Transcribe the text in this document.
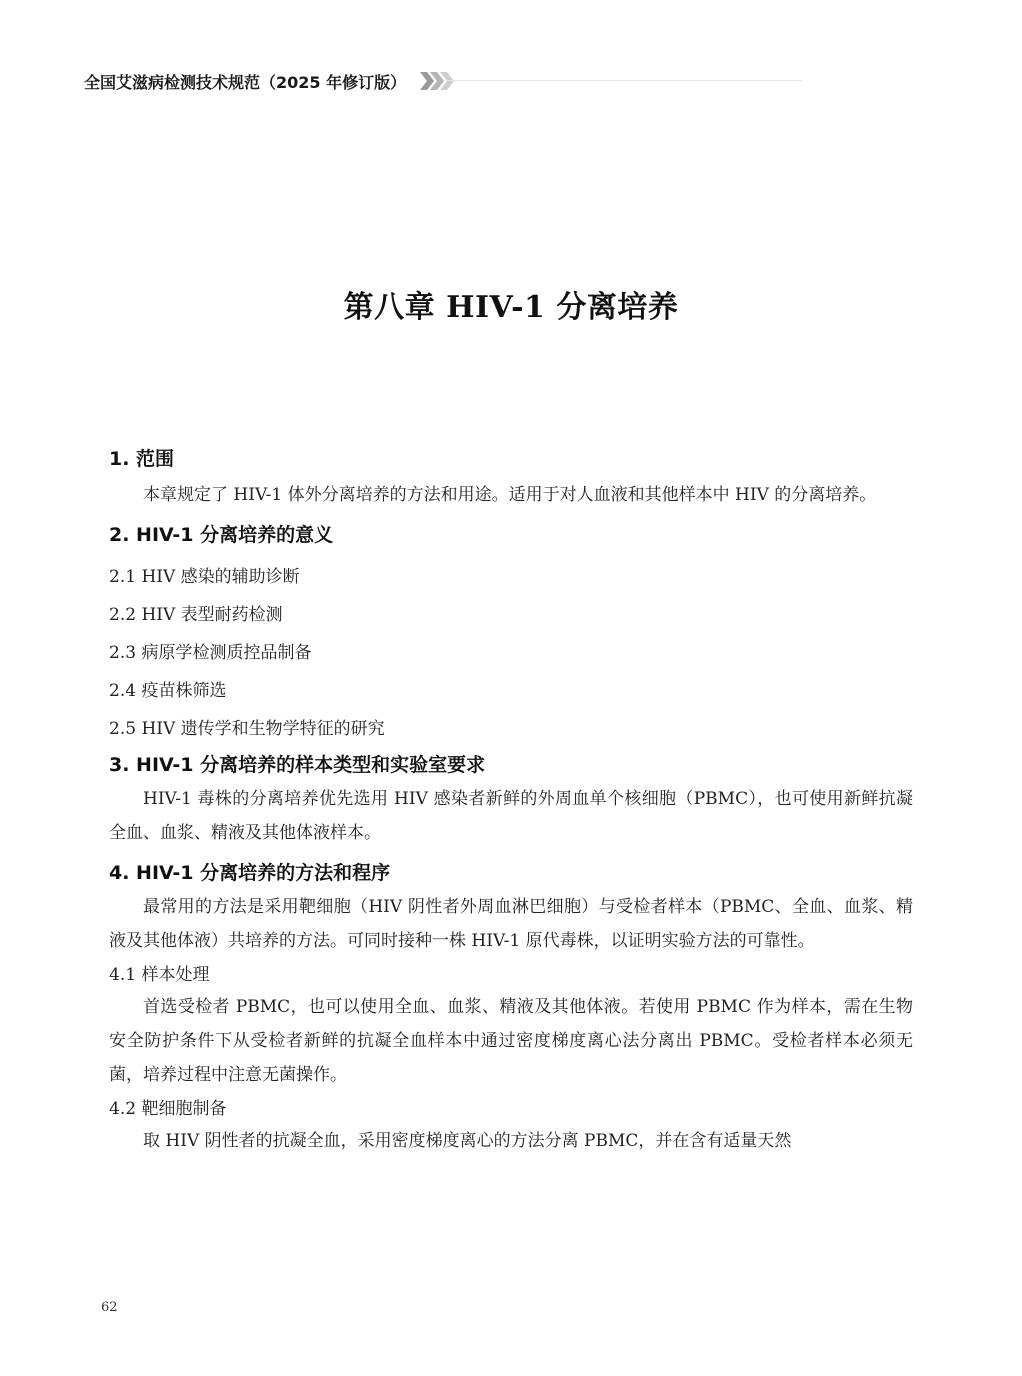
全国艾滋病检测技术规范（2025 年修订版）
第八章 HIV-1 分离培养
1. 范围

本章规定了 HIV-1 体外分离培养的方法和用途。适用于对人血液和其他样本中 HIV 的分离培养。

2. HIV-1 分离培养的意义

2.1 HIV 感染的辅助诊断

2.2 HIV 表型耐药检测

2.3 病原学检测质控品制备

2.4 疫苗株筛选

2.5 HIV 遗传学和生物学特征的研究

3. HIV-1 分离培养的样本类型和实验室要求

HIV-1 毒株的分离培养优先选用 HIV 感染者新鲜的外周血单个核细胞（PBMC），也可使用新鲜抗凝全血、血浆、精液及其他体液样本。

4. HIV-1 分离培养的方法和程序

最常用的方法是采用靶细胞（HIV 阴性者外周血淋巴细胞）与受检者样本（PBMC、全血、血浆、精液及其他体液）共培养的方法。可同时接种一株 HIV-1 原代毒株，以证明实验方法的可靠性。

4.1 样本处理

首选受检者 PBMC，也可以使用全血、血浆、精液及其他体液。若使用 PBMC 作为样本，需在生物安全防护条件下从受检者新鲜的抗凝全血样本中通过密度梯度离心法分离出 PBMC。受检者样本必须无菌，培养过程中注意无菌操作。

4.2 靶细胞制备

取 HIV 阴性者的抗凝全血，采用密度梯度离心的方法分离 PBMC，并在含有适量天然

62
